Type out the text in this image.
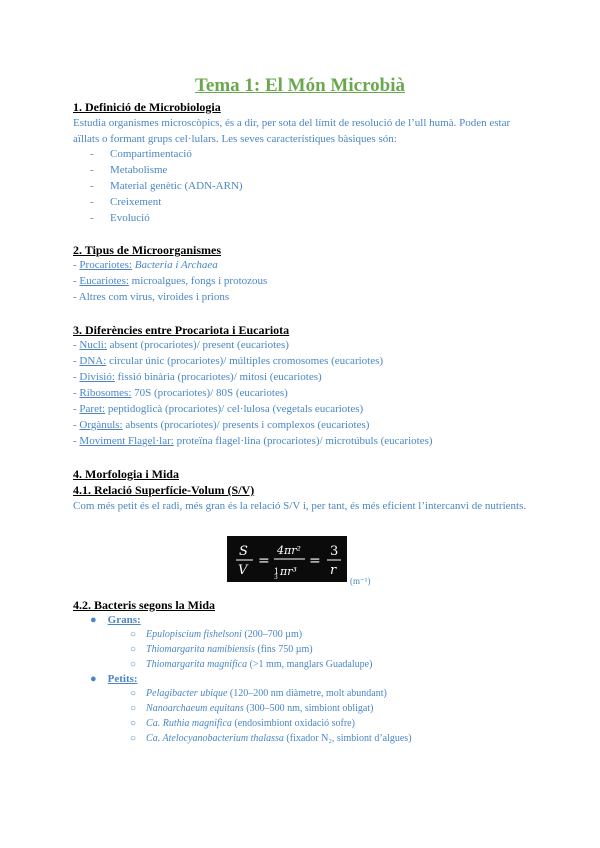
Tema 1: El Món Microbià
1. Definició de Microbiologia
Estudia organismes microscòpics, és a dir, per sota del límit de resolució de l’ull humà. Poden estar aïllats o formant grups cel·lulars. Les seves característiques bàsiques són:
- Compartimentació
- Metabolisme
- Material genètic (ADN-ARN)
- Creixement
- Evolució
2. Tipus de Microorganismes
- Procariotes: Bacteria i Archaea
- Eucariotes: microalgues, fongs i protozous
- Altres com virus, viroides i prions
3. Diferències entre Procariota i Eucariota
- Nucli: absent (procariotes)/ present (eucariotes)
- DNA: circular únic (procariotes)/ múltiples cromosomes (eucariotes)
- Divisió: fissió binària (procariotes)/ mitosi (eucariotes)
- Ribosomes: 70S (procariotes)/ 80S (eucariotes)
- Paret: peptidoglicà (procariotes)/ cel·lulosa (vegetals eucariotes)
- Orgànuls: absents (procariotes)/ presents i complexos (eucariotes)
- Moviment Flagel·lar: proteïna flagel·lina (procariotes)/ microtúbuls (eucariotes)
4. Morfologia i Mida
4.1. Relació Superfície-Volum (S/V)
Com més petit és el radi, més gran és la relació S/V i, per tant, és més eficient l’intercanvi de nutrients.
S
V
=
4πr²
1
3 πr³
=
3
r
(m⁻¹)
4.2. Bacteris segons la Mida
●    Grans:
○    Epulopiscium fishelsoni (200–700 µm)
○    Thiomargarita namibiensis (fins 750 µm)
○    Thiomargarita magnifica (>1 mm, manglars Guadalupe)
●    Petits:
○    Pelagibacter ubique (120–200 nm diàmetre, molt abundant)
○    Nanoarchaeum equitans (300–500 nm, simbiont obligat)
○    Ca. Ruthia magnifica (endosimbiont oxidació sofre)
○    Ca. Atelocyanobacterium thalassa (fixador N₂, simbiont d’algues)
